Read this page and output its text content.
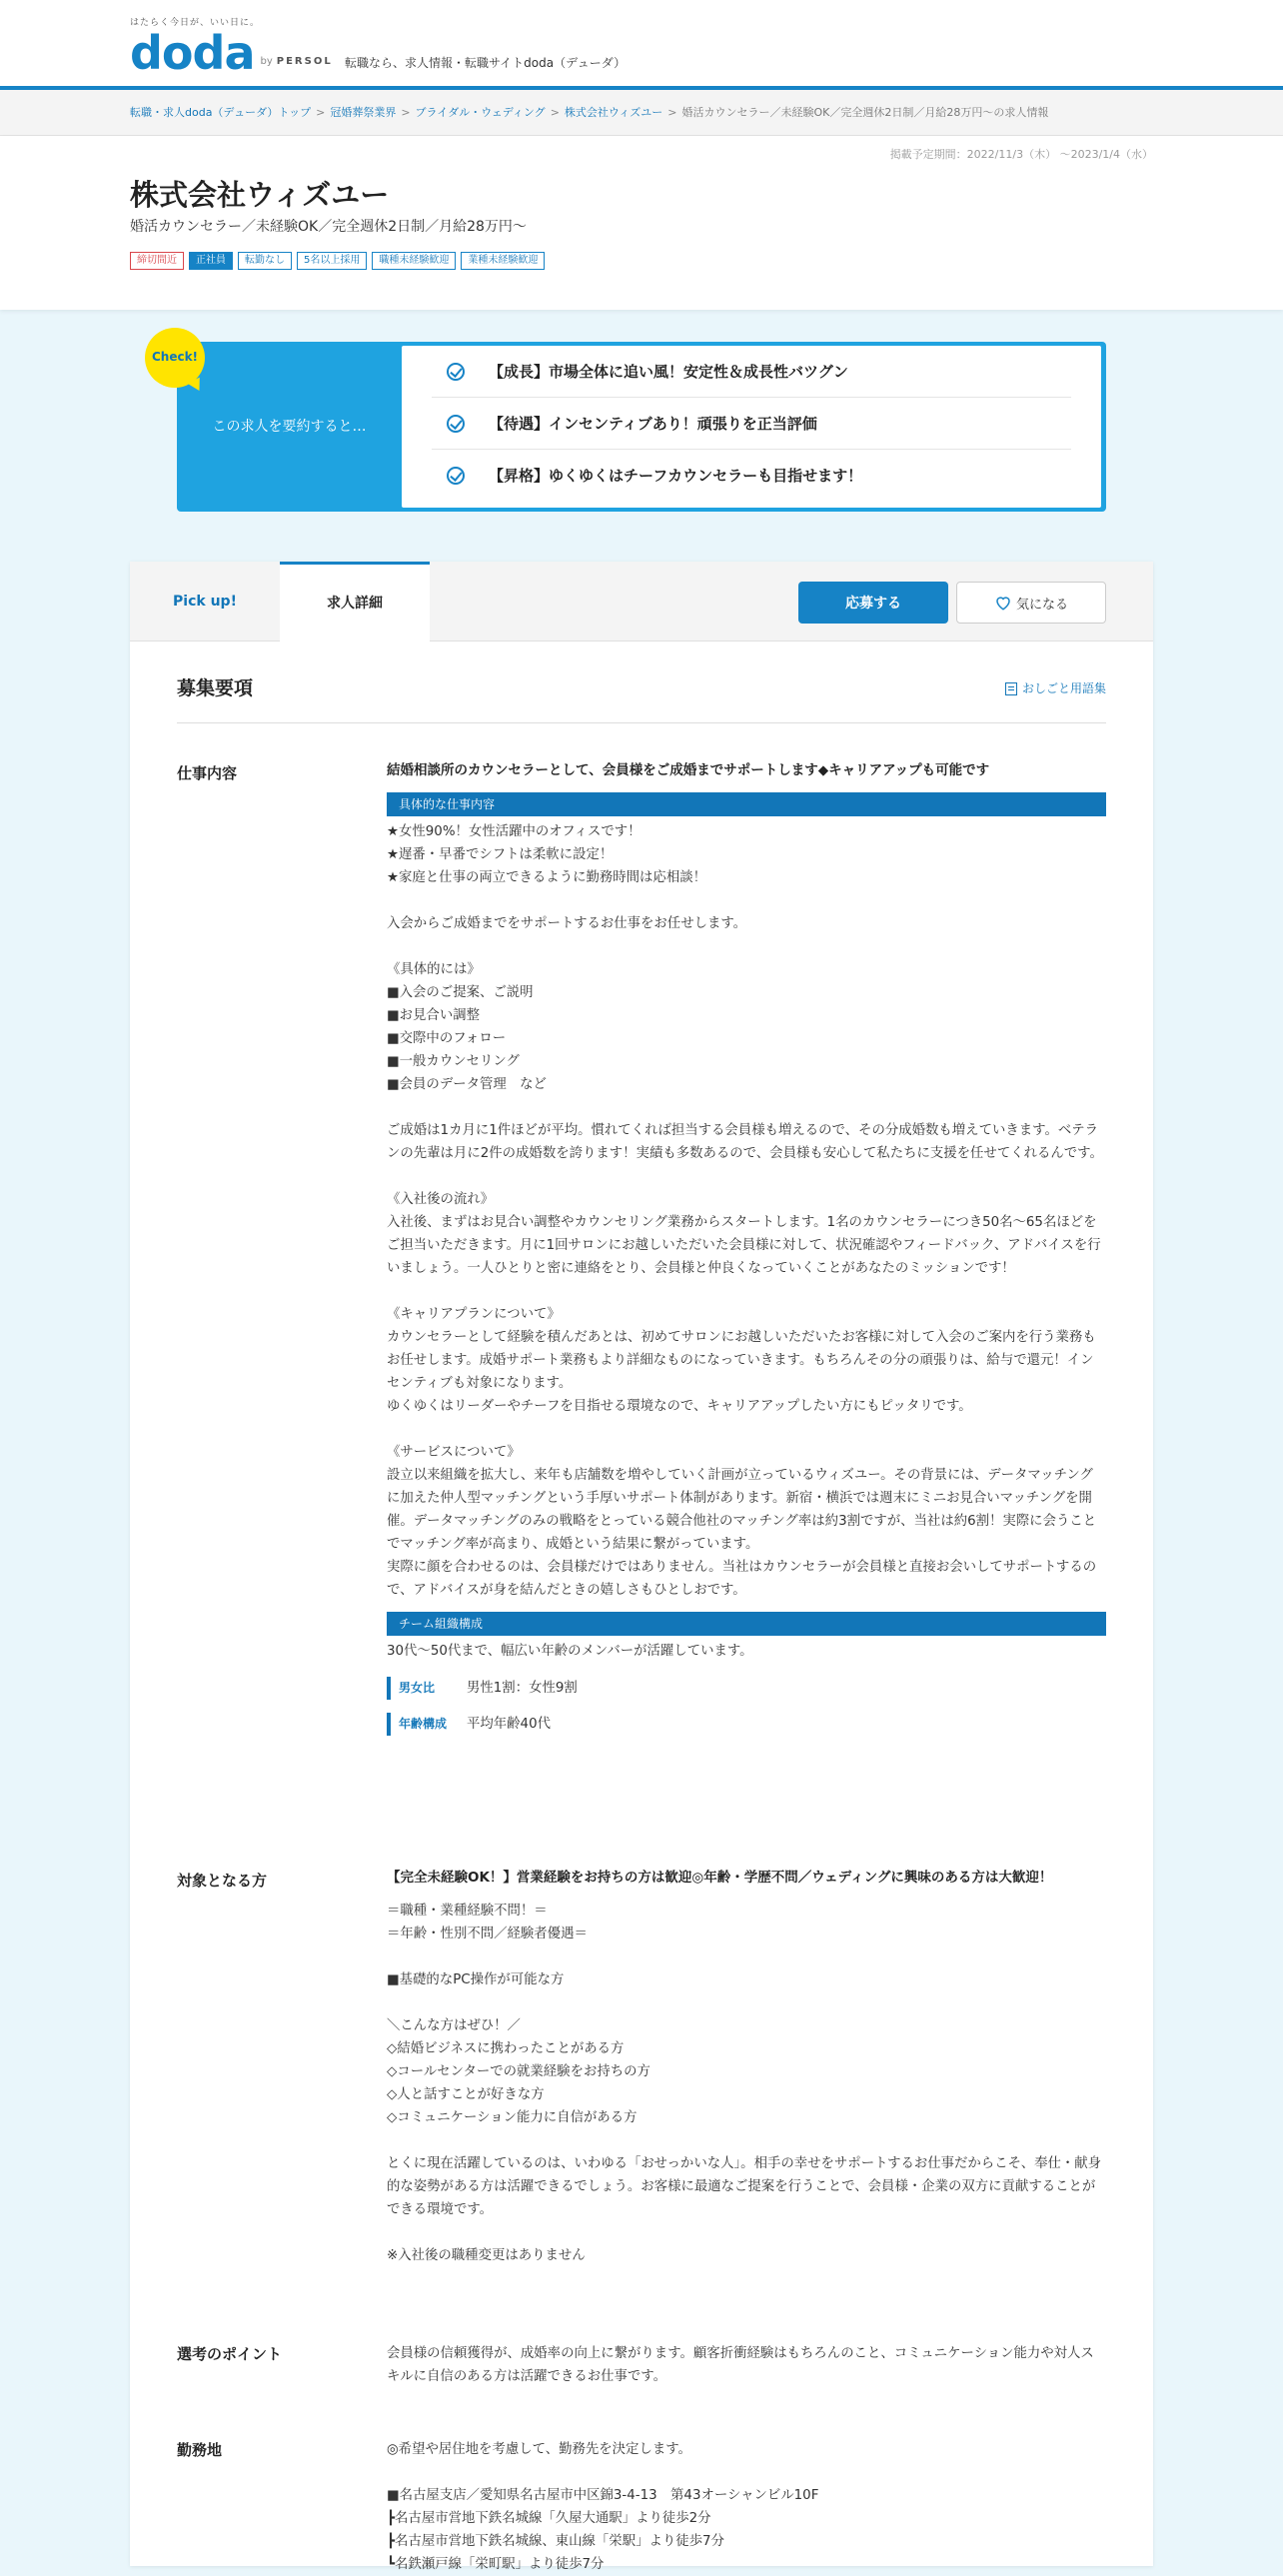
はたらく今日が、いい日に。
doda by PERSOL 転職なら、求人情報・転職サイトdoda（デューダ）
転職・求人doda（デューダ）トップ > 冠婚葬祭業界 > ブライダル・ウェディング > 株式会社ウィズユー > 婚活カウンセラー／未経験OK／完全週休2日制／月給28万円～の求人情報
掲載予定期間：2022/11/3（木） ～2023/1/4（水）
株式会社ウィズユー
婚活カウンセラー／未経験OK／完全週休2日制／月給28万円～
締切間近	正社員	転勤なし	5名以上採用	職種未経験歓迎	業種未経験歓迎
この求人を要約すると…
【成長】市場全体に追い風！安定性＆成長性バツグン
【待遇】インセンティブあり！頑張りを正当評価
【昇格】ゆくゆくはチーフカウンセラーも目指せます！
Check!
Pick up!	求人詳細	応募する	気になる
募集要項	おしごと用語集
仕事内容	結婚相談所のカウンセラーとして、会員様をご成婚までサポートします◆キャリアアップも可能です
具体的な仕事内容
★女性90%！女性活躍中のオフィスです！
★遅番・早番でシフトは柔軟に設定！
★家庭と仕事の両立できるように勤務時間は応相談！

入会からご成婚までをサポートするお仕事をお任せします。

《具体的には》
■入会のご提案、ご説明
■お見合い調整
■交際中のフォロー
■一般カウンセリング
■会員のデータ管理　など

ご成婚は1カ月に1件ほどが平均。慣れてくれば担当する会員様も増えるので、その分成婚数も増えていきます。ベテランの先輩は月に2件の成婚数を誇ります！実績も多数あるので、会員様も安心して私たちに支援を任せてくれるんです。

《入社後の流れ》
入社後、まずはお見合い調整やカウンセリング業務からスタートします。1名のカウンセラーにつき50名～65名ほどをご担当いただきます。月に1回サロンにお越しいただいた会員様に対して、状況確認やフィードバック、アドバイスを行いましょう。一人ひとりと密に連絡をとり、会員様と仲良くなっていくことがあなたのミッションです！

《キャリアプランについて》
カウンセラーとして経験を積んだあとは、初めてサロンにお越しいただいたお客様に対して入会のご案内を行う業務もお任せします。成婚サポート業務もより詳細なものになっていきます。もちろんその分の頑張りは、給与で還元！インセンティブも対象になります。
ゆくゆくはリーダーやチーフを目指せる環境なので、キャリアアップしたい方にもピッタリです。

《サービスについて》
設立以来組織を拡大し、来年も店舗数を増やしていく計画が立っているウィズユー。その背景には、データマッチングに加えた仲人型マッチングという手厚いサポート体制があります。新宿・横浜では週末にミニお見合いマッチングを開催。データマッチングのみの戦略をとっている競合他社のマッチング率は約3割ですが、当社は約6割！実際に会うことでマッチング率が高まり、成婚という結果に繋がっています。
実際に顔を合わせるのは、会員様だけではありません。当社はカウンセラーが会員様と直接お会いしてサポートするので、アドバイスが身を結んだときの嬉しさもひとしおです。
チーム組織構成
30代～50代まで、幅広い年齢のメンバーが活躍しています。
男女比	男性1割：女性9割
年齢構成	平均年齢40代
対象となる方	【完全未経験OK！】営業経験をお持ちの方は歓迎◎年齢・学歴不問／ウェディングに興味のある方は大歓迎！
＝職種・業種経験不問！＝
＝年齢・性別不問／経験者優遇＝

■基礎的なPC操作が可能な方

＼こんな方はぜひ！／
◇結婚ビジネスに携わったことがある方
◇コールセンターでの就業経験をお持ちの方
◇人と話すことが好きな方
◇コミュニケーション能力に自信がある方

とくに現在活躍しているのは、いわゆる「おせっかいな人」。相手の幸せをサポートするお仕事だからこそ、奉仕・献身的な姿勢がある方は活躍できるでしょう。お客様に最適なご提案を行うことで、会員様・企業の双方に貢献することができる環境です。

※入社後の職種変更はありません
選考のポイント	会員様の信頼獲得が、成婚率の向上に繋がります。顧客折衝経験はもちろんのこと、コミュニケーション能力や対人スキルに自信のある方は活躍できるお仕事です。
勤務地	◎希望や居住地を考慮して、勤務先を決定します。

■名古屋支店／愛知県名古屋市中区錦3-4-13　第43オーシャンビル10F
┣名古屋市営地下鉄名城線「久屋大通駅」より徒歩2分
┣名古屋市営地下鉄名城線、東山線「栄駅」より徒歩7分
┗名鉄瀬戸線「栄町駅」より徒歩7分
